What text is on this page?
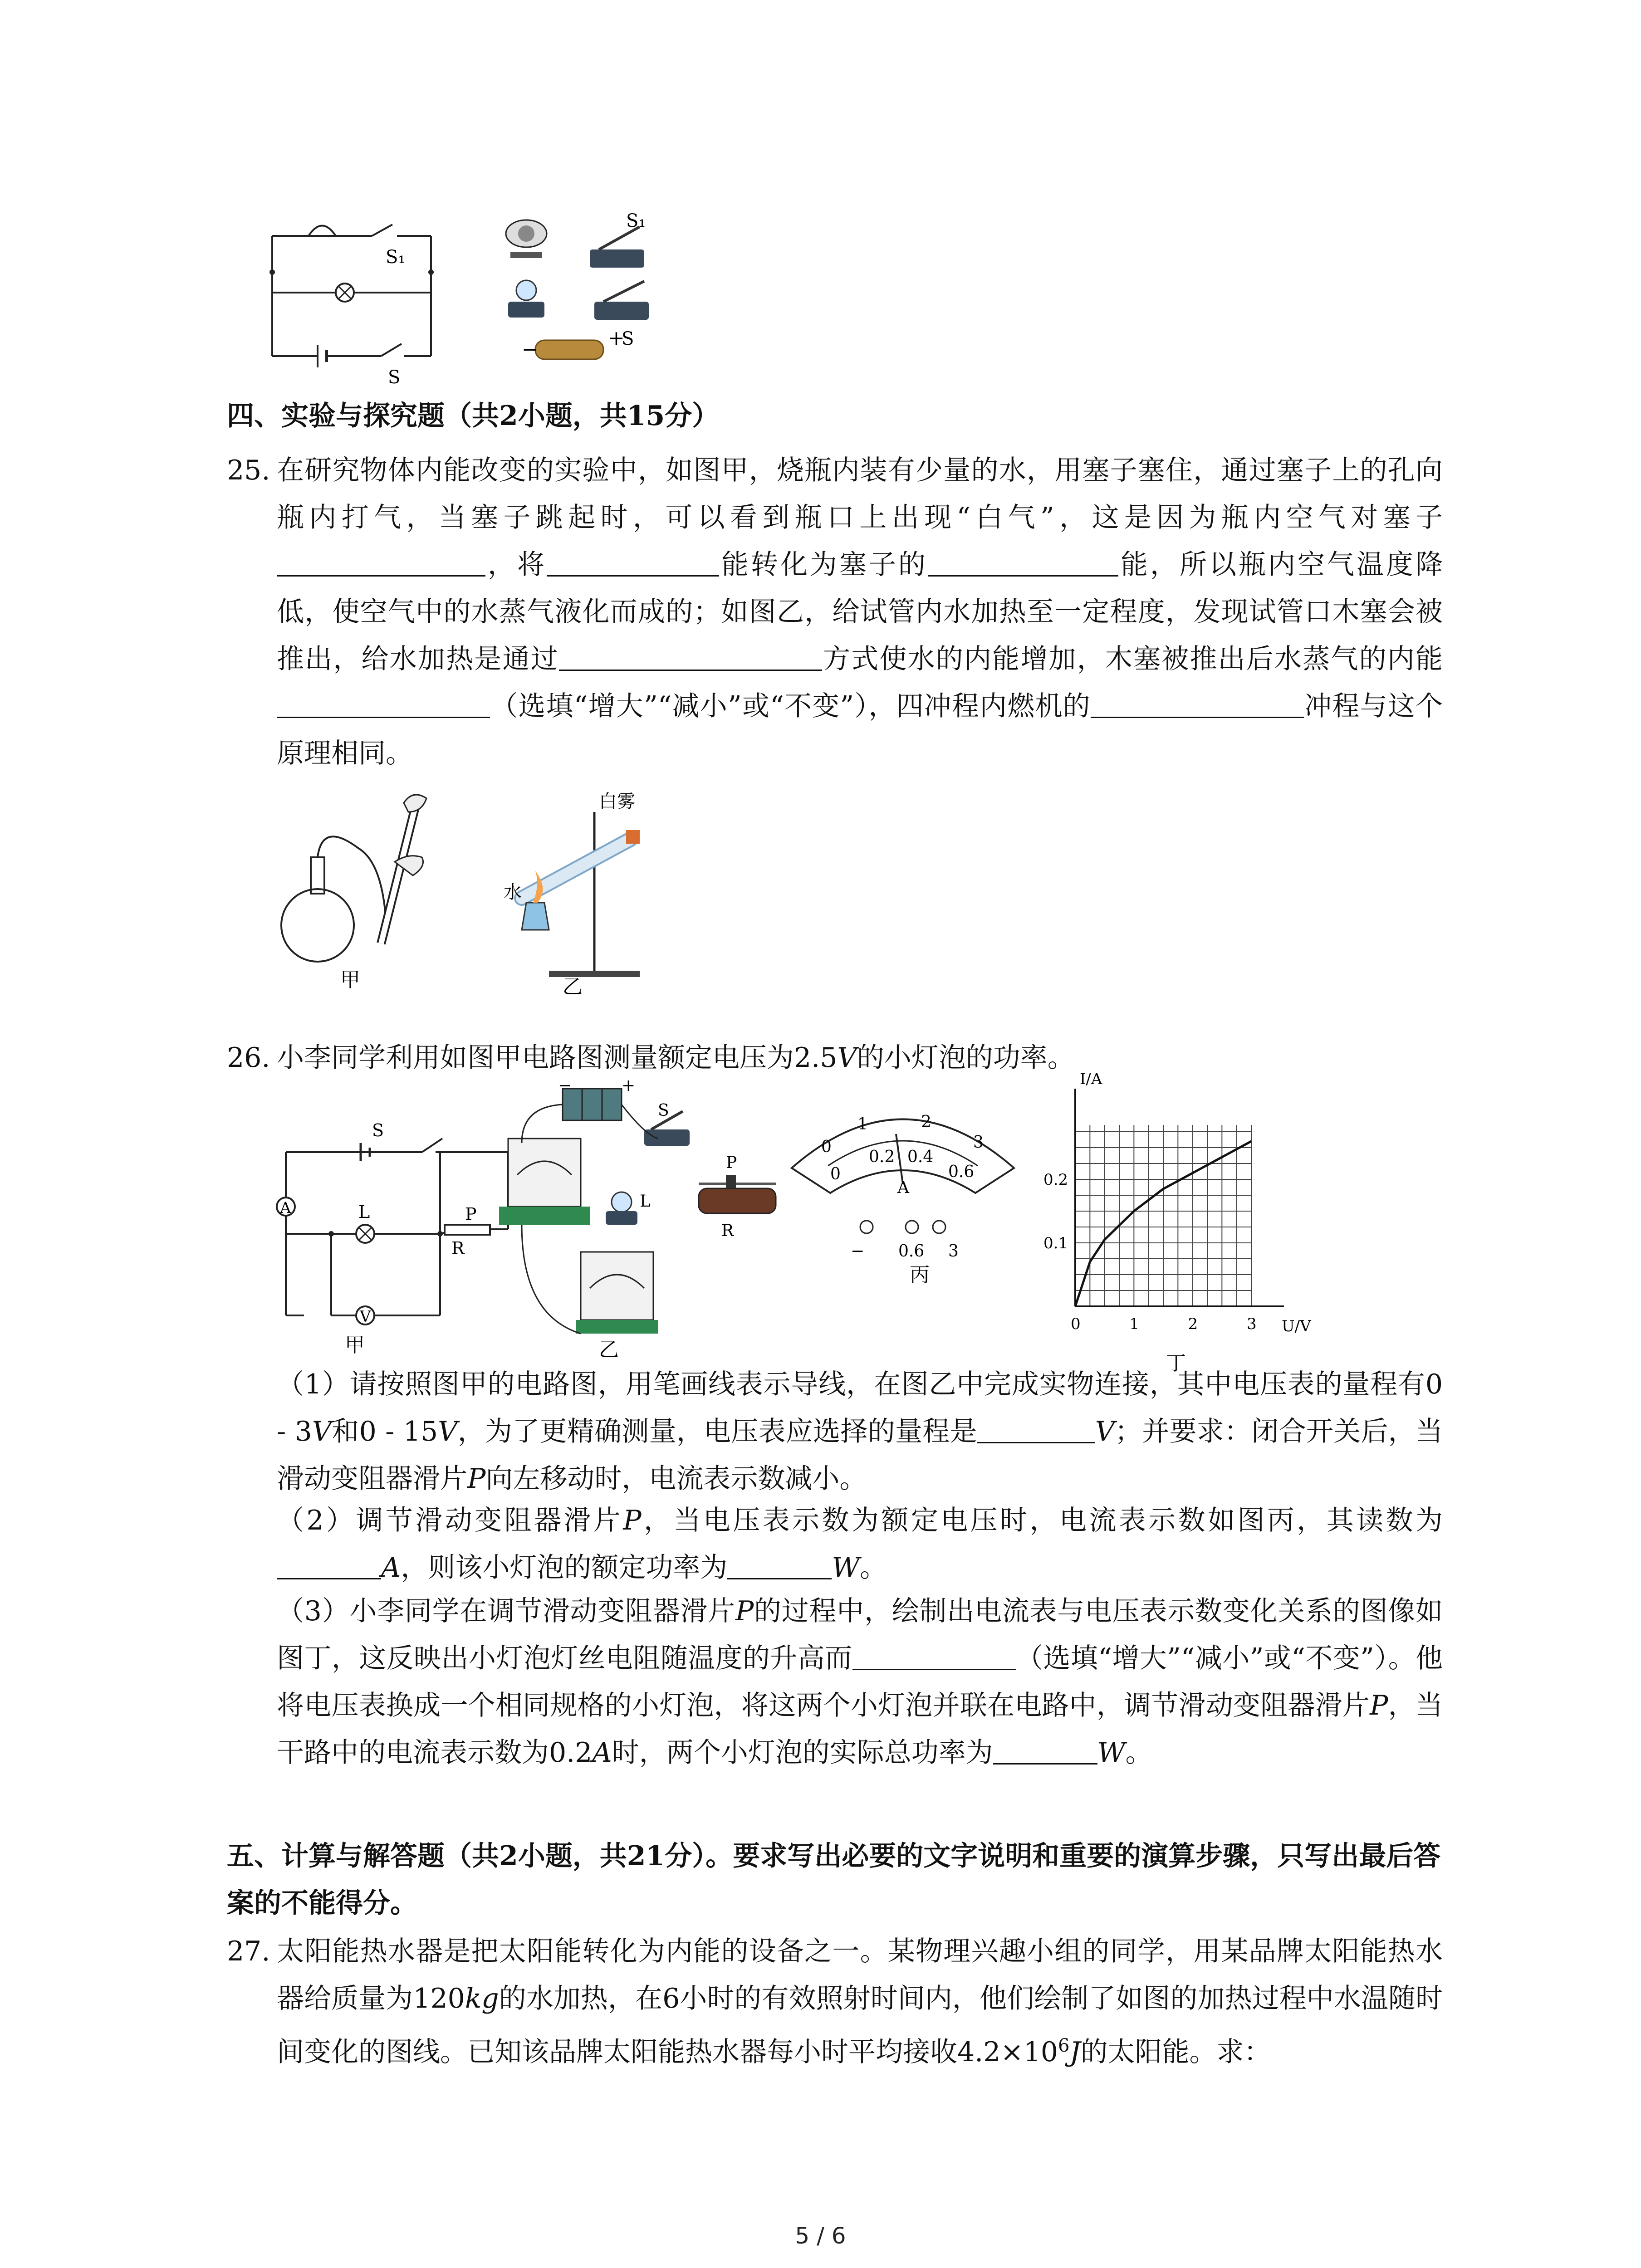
S₁
S
S₁
S
−	+
四、实验与探究题（共2小题，共15分）
25. 在研究物体内能改变的实验中，如图甲，烧瓶内装有少量的水，用塞子塞住，通过塞子上的孔向瓶内打气，当塞子跳起时，可以看到瓶口上出现“白气”，这是因为瓶内空气对塞子，将	能转化为塞子的	能，所以瓶内空气温度降低，使空气中的水蒸气液化而成的；如图乙，给试管内水加热至一定程度，发现试管口木塞会被推出，给水加热是通过	方式使水的内能增加，木塞被推出后水蒸气的内能（选填“增大”“减小”或“不变”），四冲程内燃机的	冲程与这个原理相同。
甲
白雾
水
乙
26. 小李同学利用如图甲电路图测量额定电压为2.5V的小灯泡的功率。
A
V
S
L	P
R
甲
−	+
S
L
P
R
乙
0
1	2
3
0
0.2 0.4
0.6
A
− 0.6 3
丙
0	1	2	3
0.1
0.2
U/V
I/A
丁
（1）请按照图甲的电路图，用笔画线表示导线，在图乙中完成实物连接，其中电压表的量程有0 - 3V和0 - 15V，为了更精确测量，电压表应选择的量程是	V；并要求：闭合开关后，当滑动变阻器滑片P向左移动时，电流表示数减小。
（2）调节滑动变阻器滑片P，当电压表示数为额定电压时，电流表示数如图丙，其读数为A，则该小灯泡的额定功率为	W。
（3）小李同学在调节滑动变阻器滑片P的过程中，绘制出电流表与电压表示数变化关系的图像如图丁，这反映出小灯泡灯丝电阻随温度的升高而	（选填“增大”“减小”或“不变”）。他将电压表换成一个相同规格的小灯泡，将这两个小灯泡并联在电路中，调节滑动变阻器滑片P，当干路中的电流表示数为0.2A时，两个小灯泡的实际总功率为	W。
五、计算与解答题（共2小题，共21分）。要求写出必要的文字说明和重要的演算步骤，只写出最后答案的不能得分。
27. 太阳能热水器是把太阳能转化为内能的设备之一。某物理兴趣小组的同学，用某品牌太阳能热水器给质量为120kg的水加热，在6小时的有效照射时间内，他们绘制了如图的加热过程中水温随时间变化的图线。已知该品牌太阳能热水器每小时平均接收$4.2\times 10^6J$的太阳能。求：
5 / 6
